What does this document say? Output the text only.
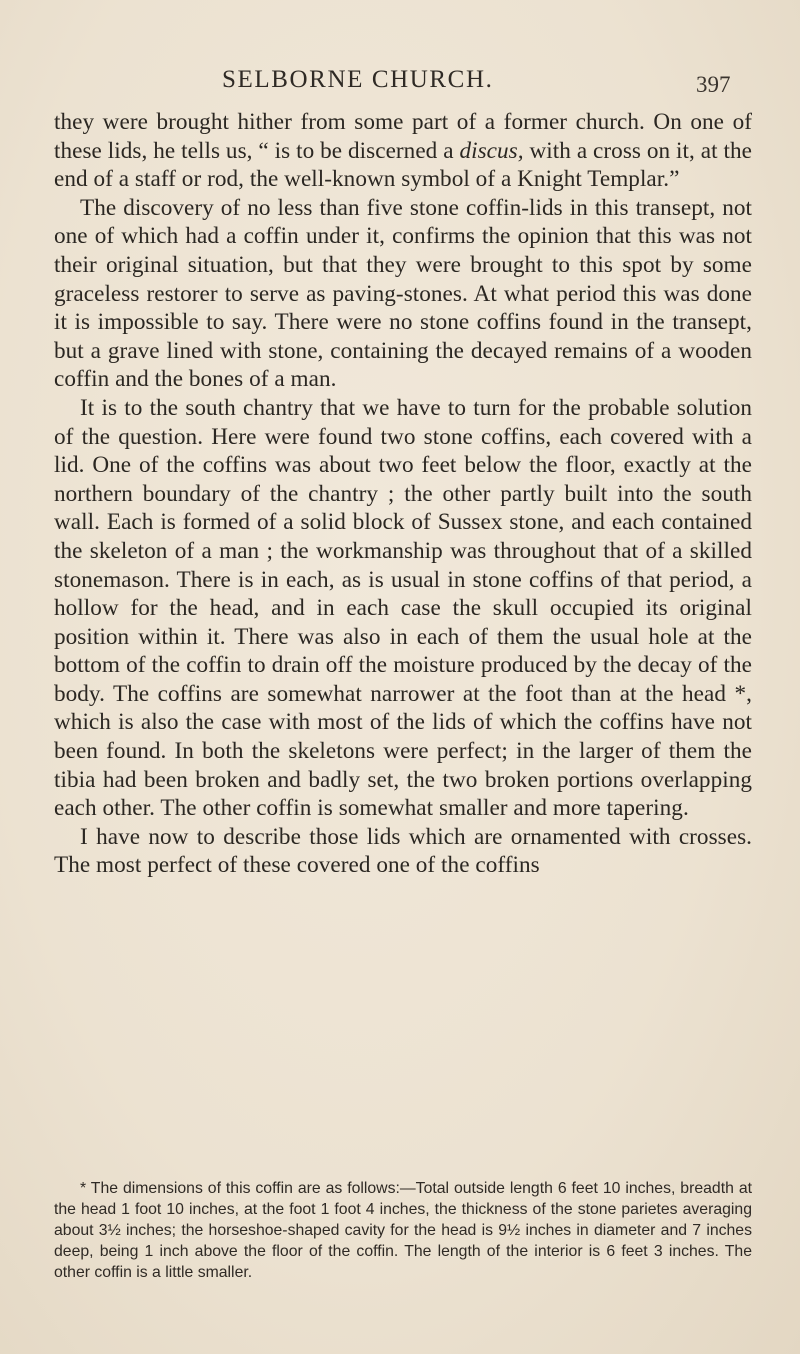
SELBORNE CHURCH.	397

they were brought hither from some part of a former church. On one of these lids, he tells us, “ is to be discerned a discus, with a cross on it, at the end of a staff or rod, the well-known symbol of a Knight Templar.”

The discovery of no less than five stone coffin-lids in this transept, not one of which had a coffin under it, confirms the opinion that this was not their original situation, but that they were brought to this spot by some graceless restorer to serve as paving-stones. At what period this was done it is impossible to say. There were no stone coffins found in the transept, but a grave lined with stone, containing the decayed remains of a wooden coffin and the bones of a man.

It is to the south chantry that we have to turn for the probable solution of the question. Here were found two stone coffins, each covered with a lid. One of the coffins was about two feet below the floor, exactly at the northern boundary of the chantry ; the other partly built into the south wall. Each is formed of a solid block of Sussex stone, and each contained the skeleton of a man ; the workmanship was throughout that of a skilled stonemason. There is in each, as is usual in stone coffins of that period, a hollow for the head, and in each case the skull occupied its original position within it. There was also in each of them the usual hole at the bottom of the coffin to drain off the moisture produced by the decay of the body. The coffins are somewhat narrower at the foot than at the head *, which is also the case with most of the lids of which the coffins have not been found. In both the skeletons were perfect; in the larger of them the tibia had been broken and badly set, the two broken portions overlapping each other. The other coffin is somewhat smaller and more tapering.

I have now to describe those lids which are ornamented with crosses. The most perfect of these covered one of the coffins

* The dimensions of this coffin are as follows:—Total outside length 6 feet 10 inches, breadth at the head 1 foot 10 inches, at the foot 1 foot 4 inches, the thickness of the stone parietes averaging about 3½ inches; the horseshoe-shaped cavity for the head is 9½ inches in diameter and 7 inches deep, being 1 inch above the floor of the coffin. The length of the interior is 6 feet 3 inches. The other coffin is a little smaller.
